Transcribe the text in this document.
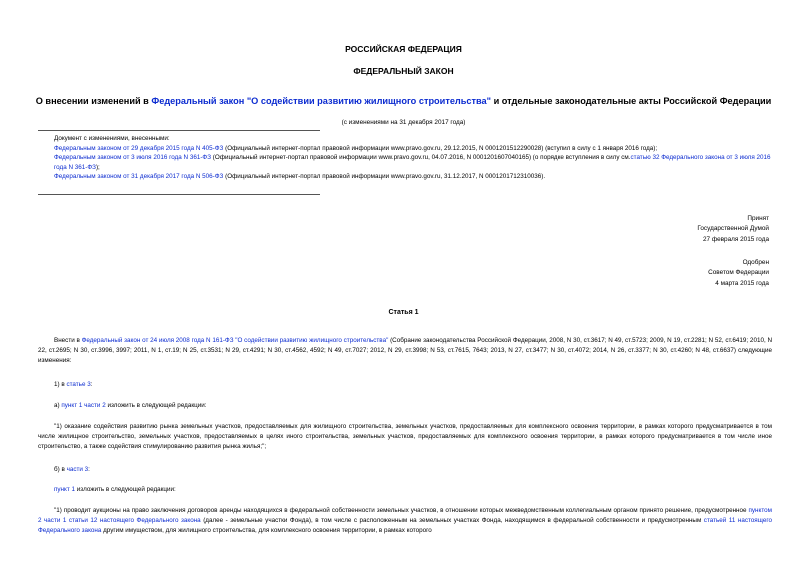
РОССИЙСКАЯ ФЕДЕРАЦИЯ
ФЕДЕРАЛЬНЫЙ ЗАКОН
О внесении изменений в Федеральный закон "О содействии развитию жилищного строительства" и отдельные законодательные акты Российской Федерации
(с изменениями на 31 декабря 2017 года)
Документ с изменениями, внесенными:
Федеральным законом от 29 декабря 2015 года N 405-ФЗ (Официальный интернет-портал правовой информации www.pravo.gov.ru, 29.12.2015, N 0001201512290028) (вступил в силу с 1 января 2016 года);
Федеральным законом от 3 июля 2016 года N 361-ФЗ (Официальный интернет-портал правовой информации www.pravo.gov.ru, 04.07.2016, N 0001201607040165) (о порядке вступления в силу см.статью 32 Федерального закона от 3 июля 2016 года N 361-ФЗ);
Федеральным законом от 31 декабря 2017 года N 506-ФЗ (Официальный интернет-портал правовой информации www.pravo.gov.ru, 31.12.2017, N 0001201712310036).
Принят
Государственной Думой
27 февраля 2015 года
Одобрен
Советом Федерации
4 марта 2015 года
Статья 1
Внести в Федеральный закон от 24 июля 2008 года N 161-ФЗ "О содействии развитию жилищного строительства" (Собрание законодательства Российской Федерации, 2008, N 30, ст.3617; N 49, ст.5723; 2009, N 19, ст.2281; N 52, ст.6419; 2010, N 22, ст.2695; N 30, ст.3996, 3997; 2011, N 1, ст.19; N 25, ст.3531; N 29, ст.4291; N 30, ст.4562, 4592; N 49, ст.7027; 2012, N 29, ст.3998; N 53, ст.7615, 7643; 2013, N 27, ст.3477; N 30, ст.4072; 2014, N 26, ст.3377; N 30, ст.4260; N 48, ст.6637) следующие изменения:
1) в статье 3:
а) пункт 1 части 2 изложить в следующей редакции:
"1) оказание содействия развитию рынка земельных участков, предоставляемых для жилищного строительства, земельных участков, предоставляемых для комплексного освоения территории, в рамках которого предусматривается в том числе жилищное строительство, земельных участков, предоставляемых в целях иного строительства, земельных участков, предоставляемых для комплексного освоения территории, в рамках которого предусматривается в том числе иное строительство, а также содействия стимулированию развития рынка жилья;";
б) в части 3:
пункт 1 изложить в следующей редакции:
"1) проводит аукционы на право заключения договоров аренды находящихся в федеральной собственности земельных участков, в отношении которых межведомственным коллегиальным органом принято решение, предусмотренное пунктом 2 части 1 статьи 12 настоящего Федерального закона (далее - земельные участки Фонда), в том числе с расположенным на земельных участках Фонда, находящимся в федеральной собственности и предусмотренным статьей 11 настоящего Федерального закона другим имуществом, для жилищного строительства, для комплексного освоения территории, в рамках которого
